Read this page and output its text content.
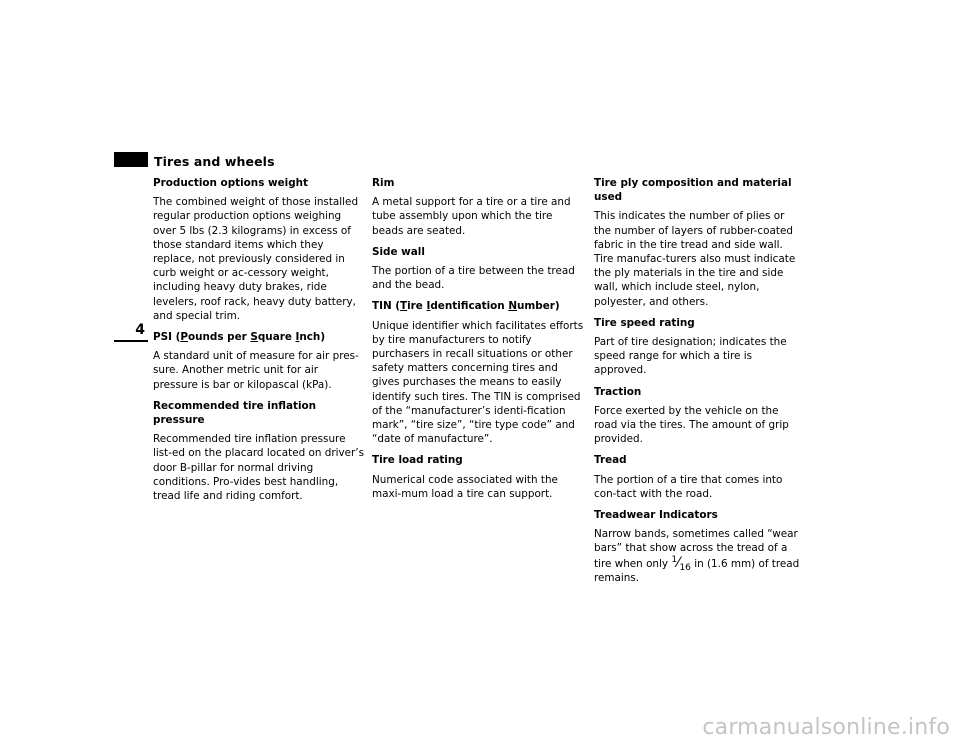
Tires and wheels
4

Production options weight

The combined weight of those installed regular production options weighing over 5 lbs (2.3 kilograms) in excess of those standard items which they replace, not previously considered in curb weight or ac-cessory weight, including heavy duty brakes, ride levelers, roof rack, heavy duty battery, and special trim.

PSI (Pounds per Square Inch)

A standard unit of measure for air pres-sure. Another metric unit for air pressure is bar or kilopascal (kPa).

Recommended tire inflation pressure

Recommended tire inflation pressure list-ed on the placard located on driver’s door B-pillar for normal driving conditions. Pro-vides best handling, tread life and riding comfort.

Rim

A metal support for a tire or a tire and tube assembly upon which the tire beads are seated.

Side wall

The portion of a tire between the tread and the bead.

TIN (Tire Identification Number)

Unique identifier which facilitates efforts by tire manufacturers to notify purchasers in recall situations or other safety matters concerning tires and gives purchases the means to easily identify such tires. The TIN is comprised of the “manufacturer’s identi-fication mark”, “tire size”, “tire type code” and “date of manufacture”.

Tire load rating

Numerical code associated with the maxi-mum load a tire can support.

Tire ply composition and material used

This indicates the number of plies or the number of layers of rubber-coated fabric in the tire tread and side wall. Tire manufac-turers also must indicate the ply materials in the tire and side wall, which include steel, nylon, polyester, and others.

Tire speed rating

Part of tire designation; indicates the speed range for which a tire is approved.

Traction

Force exerted by the vehicle on the road via the tires. The amount of grip provided.

Tread

The portion of a tire that comes into con-tact with the road.

Treadwear Indicators

Narrow bands, sometimes called “wear bars” that show across the tread of a tire when only $^1⁄_{16}$ in (1.6 mm) of tread remains.

carmanualsonline.info
